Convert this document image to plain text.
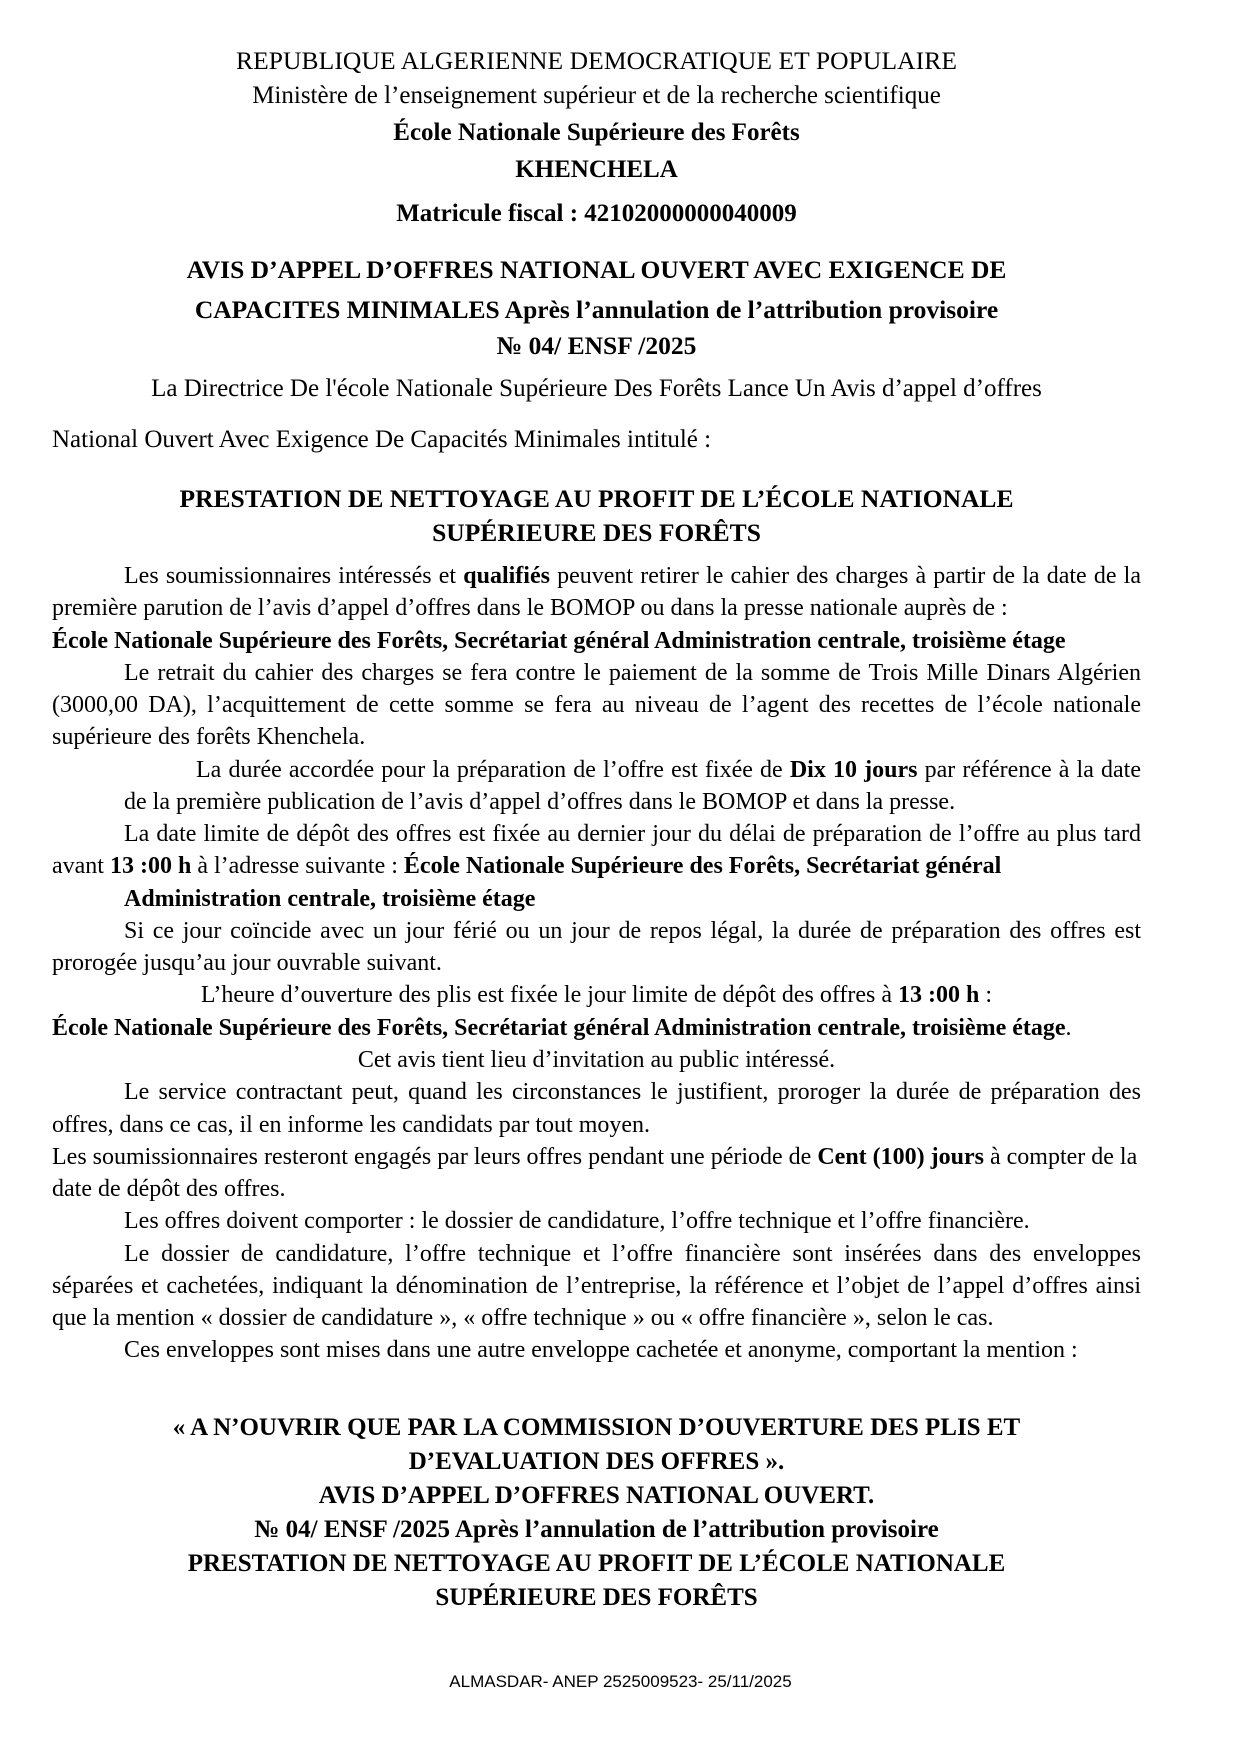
REPUBLIQUE ALGERIENNE DEMOCRATIQUE ET POPULAIRE
Ministère de l’enseignement supérieur et de la recherche scientifique
École Nationale Supérieure des Forêts
KHENCHELA
Matricule fiscal : 42102000000040009
AVIS D’APPEL D’OFFRES NATIONAL OUVERT AVEC EXIGENCE DE
CAPACITES MINIMALES Après l’annulation de l’attribution provisoire
№ 04/ ENSF /2025
La Directrice De l'école Nationale Supérieure Des Forêts Lance Un Avis d’appel d’offres
National Ouvert Avec Exigence De Capacités Minimales intitulé :
PRESTATION DE NETTOYAGE AU PROFIT DE L’ÉCOLE NATIONALE
SUPÉRIEURE DES FORÊTS

Les soumissionnaires intéressés et qualifiés peuvent retirer le cahier des charges à partir de la date de la première parution de l’avis d’appel d’offres dans le BOMOP ou dans la presse nationale auprès de :

École Nationale Supérieure des Forêts, Secrétariat général Administration centrale, troisième étage

Le retrait du cahier des charges se fera contre le paiement de la somme de Trois Mille Dinars Algérien (3000,00 DA), l’acquittement de cette somme se fera au niveau de l’agent des recettes de l’école nationale supérieure des forêts Khenchela.

La durée accordée pour la préparation de l’offre est fixée de Dix 10 jours par référence à la date de la première publication de l’avis d’appel d’offres dans le BOMOP et dans la presse.

La date limite de dépôt des offres est fixée au dernier jour du délai de préparation de l’offre au plus tard avant 13 :00 h à l’adresse suivante : École Nationale Supérieure des Forêts, Secrétariat général

Administration centrale, troisième étage

Si ce jour coïncide avec un jour férié ou un jour de repos légal, la durée de préparation des offres est prorogée jusqu’au jour ouvrable suivant.

L’heure d’ouverture des plis est fixée le jour limite de dépôt des offres à 13 :00 h :

École Nationale Supérieure des Forêts, Secrétariat général Administration centrale, troisième étage.

Cet avis tient lieu d’invitation au public intéressé.

Le service contractant peut, quand les circonstances le justifient, proroger la durée de préparation des offres, dans ce cas, il en informe les candidats par tout moyen.

Les soumissionnaires resteront engagés par leurs offres pendant une période de Cent (100) jours à compter de la date de dépôt des offres.

Les offres doivent comporter : le dossier de candidature, l’offre technique et l’offre financière.

Le dossier de candidature, l’offre technique et l’offre financière sont insérées dans des enveloppes séparées et cachetées, indiquant la dénomination de l’entreprise, la référence et l’objet de l’appel d’offres ainsi que la mention « dossier de candidature », « offre technique » ou « offre financière », selon le cas.

Ces enveloppes sont mises dans une autre enveloppe cachetée et anonyme, comportant la mention :

« A N’OUVRIR QUE PAR LA COMMISSION D’OUVERTURE DES PLIS ET
D’EVALUATION DES OFFRES ».
AVIS D’APPEL D’OFFRES NATIONAL OUVERT.
№ 04/ ENSF /2025 Après l’annulation de l’attribution provisoire
PRESTATION DE NETTOYAGE AU PROFIT DE L’ÉCOLE NATIONALE
SUPÉRIEURE DES FORÊTS
ALMASDAR- ANEP 2525009523- 25/11/2025
